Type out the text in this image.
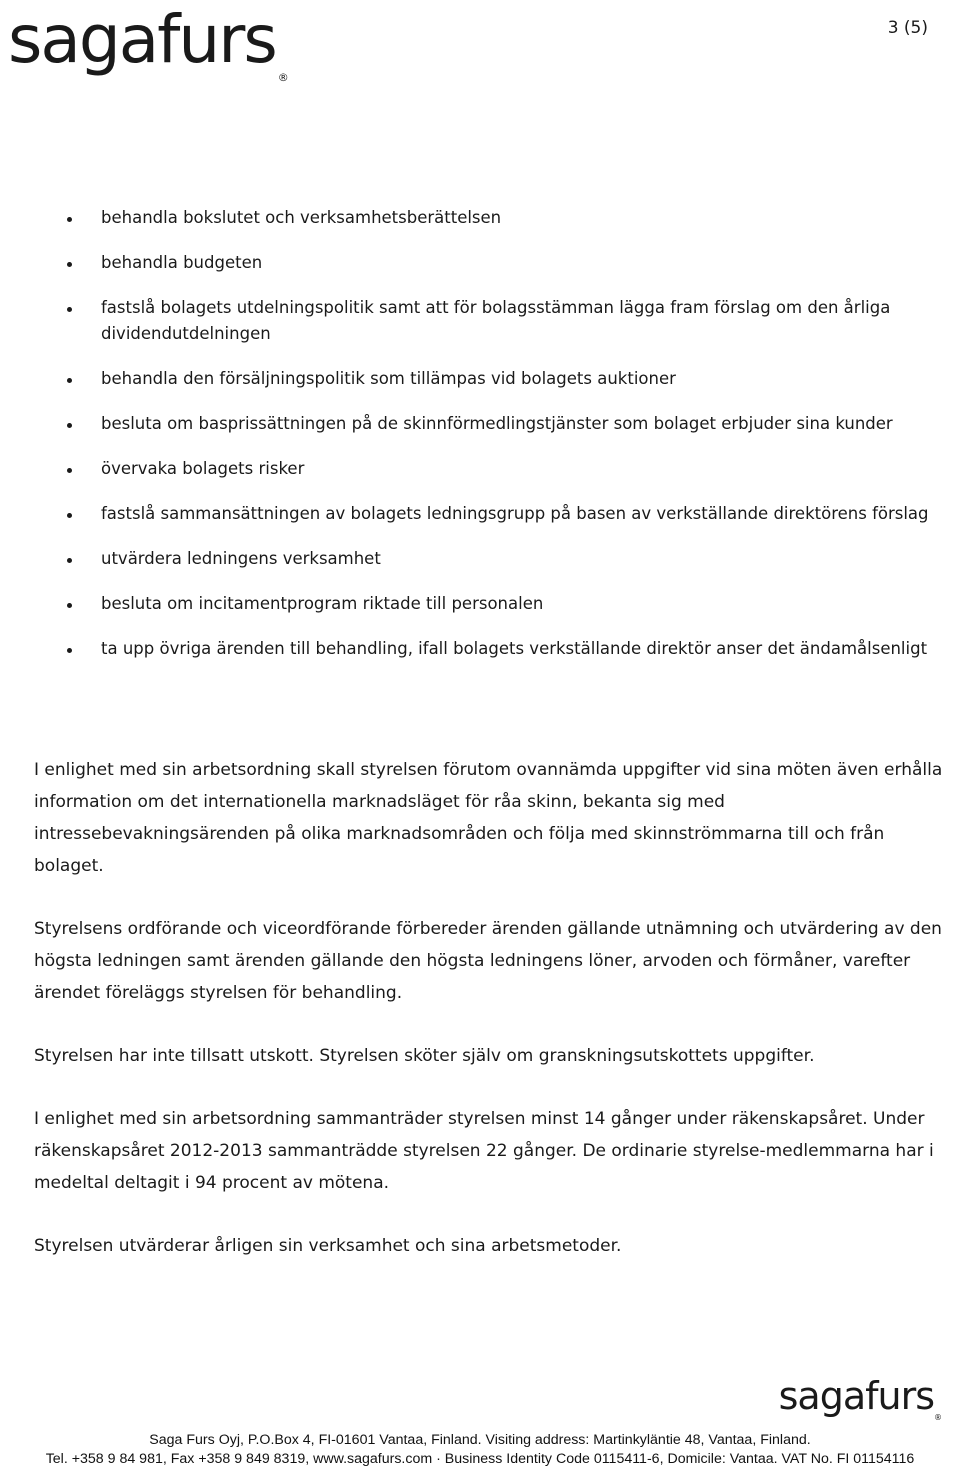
sagafurs ®
3 (5)
behandla bokslutet och verksamhetsberättelsen
behandla budgeten
fastslå bolagets utdelningspolitik samt att för bolagsstämman lägga fram förslag om den årliga dividendutdelningen
behandla den försäljningspolitik som tillämpas vid bolagets auktioner
besluta om basprissättningen på de skinnförmedlingstjänster som bolaget erbjuder sina kunder
övervaka bolagets risker
fastslå sammansättningen av bolagets ledningsgrupp på basen av verkställande direktörens förslag
utvärdera ledningens verksamhet
besluta om incitamentprogram riktade till personalen
ta upp övriga ärenden till behandling, ifall bolagets verkställande direktör anser det ändamålsenligt

I enlighet med sin arbetsordning skall styrelsen förutom ovannämda uppgifter vid sina möten även erhålla information om det internationella marknadsläget för råa skinn, bekanta sig med intressebevakningsärenden på olika marknadsområden och följa med skinnströmmarna till och från bolaget.

Styrelsens ordförande och viceordförande förbereder ärenden gällande utnämning och utvärdering av den högsta ledningen samt ärenden gällande den högsta ledningens löner, arvoden och förmåner, varefter ärendet föreläggs styrelsen för behandling.

Styrelsen har inte tillsatt utskott. Styrelsen sköter själv om granskningsutskottets uppgifter.

I enlighet med sin arbetsordning sammanträder styrelsen minst 14 gånger under räkenskapsåret. Under räkenskapsåret 2012-2013 sammanträdde styrelsen 22 gånger. De ordinarie styrelse-medlemmarna har i medeltal deltagit i 94 procent av mötena.

Styrelsen utvärderar årligen sin verksamhet och sina arbetsmetoder.

sagafurs®
Saga Furs Oyj, P.O.Box 4, FI-01601 Vantaa, Finland. Visiting address: Martinkyläntie 48, Vantaa, Finland.
Tel. +358 9 84 981, Fax +358 9 849 8319, www.sagafurs.com · Business Identity Code 0115411-6, Domicile: Vantaa. VAT No. FI 01154116
